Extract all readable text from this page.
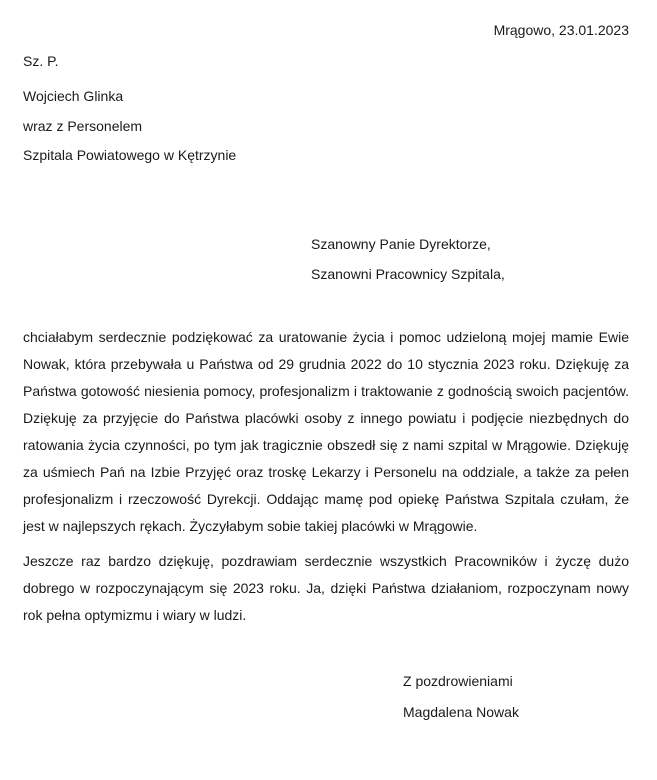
Mrągowo, 23.01.2023
Sz. P.
Wojciech Glinka
wraz z Personelem
Szpitala Powiatowego w Kętrzynie
Szanowny Panie Dyrektorze,
Szanowni Pracownicy Szpitala,

chciałabym serdecznie podziękować za uratowanie życia i pomoc udzieloną mojej mamie Ewie Nowak, która przebywała u Państwa od 29 grudnia 2022 do 10 stycznia 2023 roku. Dziękuję za Państwa gotowość niesienia pomocy, profesjonalizm i traktowanie z godnością swoich pacjentów. Dziękuję za przyjęcie do Państwa placówki osoby z innego powiatu i podjęcie niezbędnych do ratowania życia czynności, po tym jak tragicznie obszedł się z nami szpital w Mrągowie. Dziękuję za uśmiech Pań na Izbie Przyjęć oraz troskę Lekarzy i Personelu na oddziale, a także za pełen profesjonalizm i rzeczowość Dyrekcji. Oddając mamę pod opiekę Państwa Szpitala czułam, że jest w najlepszych rękach. Życzyłabym sobie takiej placówki w Mrągowie.

Jeszcze raz bardzo dziękuję, pozdrawiam serdecznie wszystkich Pracowników i życzę dużo dobrego w rozpoczynającym się 2023 roku. Ja, dzięki Państwa działaniom, rozpoczynam nowy rok pełna optymizmu i wiary w ludzi.

Z pozdrowieniami
Magdalena Nowak
